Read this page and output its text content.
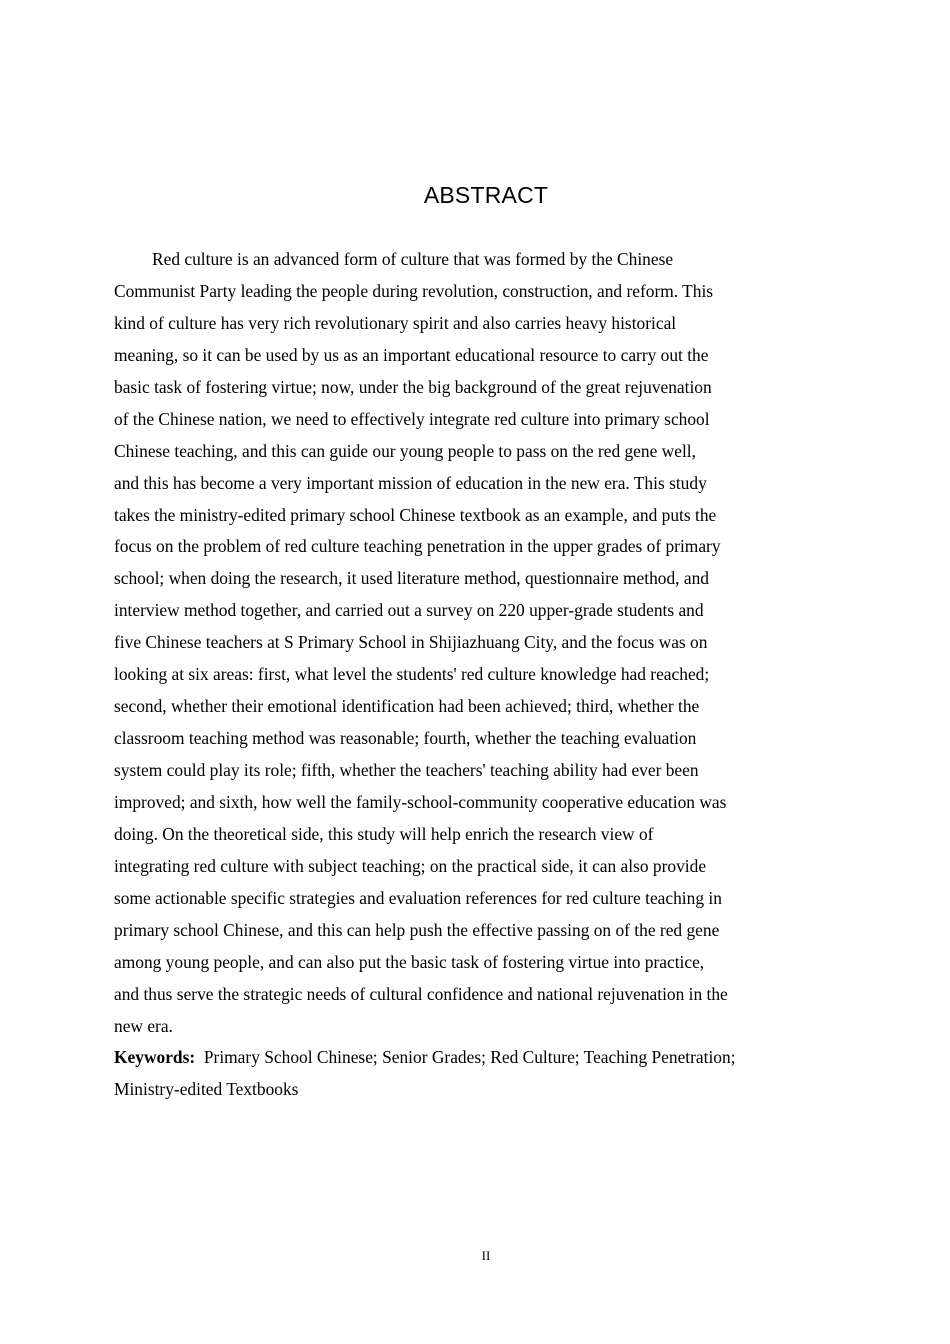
ABSTRACT

Red culture is an advanced form of culture that was formed by the Chinese
Communist Party leading the people during revolution, construction, and reform. This
kind of culture has very rich revolutionary spirit and also carries heavy historical
meaning, so it can be used by us as an important educational resource to carry out the
basic task of fostering virtue; now, under the big background of the great rejuvenation
of the Chinese nation, we need to effectively integrate red culture into primary school
Chinese teaching, and this can guide our young people to pass on the red gene well,
and this has become a very important mission of education in the new era. This study
takes the ministry-edited primary school Chinese textbook as an example, and puts the
focus on the problem of red culture teaching penetration in the upper grades of primary
school; when doing the research, it used literature method, questionnaire method, and
interview method together, and carried out a survey on 220 upper-grade students and
five Chinese teachers at S Primary School in Shijiazhuang City, and the focus was on
looking at six areas: first, what level the students' red culture knowledge had reached;
second, whether their emotional identification had been achieved; third, whether the
classroom teaching method was reasonable; fourth, whether the teaching evaluation
system could play its role; fifth, whether the teachers' teaching ability had ever been
improved; and sixth, how well the family-school-community cooperative education was
doing. On the theoretical side, this study will help enrich the research view of
integrating red culture with subject teaching; on the practical side, it can also provide
some actionable specific strategies and evaluation references for red culture teaching in
primary school Chinese, and this can help push the effective passing on of the red gene
among young people, and can also put the basic task of fostering virtue into practice,
and thus serve the strategic needs of cultural confidence and national rejuvenation in the
new era.

Keywords: Primary School Chinese; Senior Grades; Red Culture; Teaching Penetration;
Ministry-edited Textbooks

II
